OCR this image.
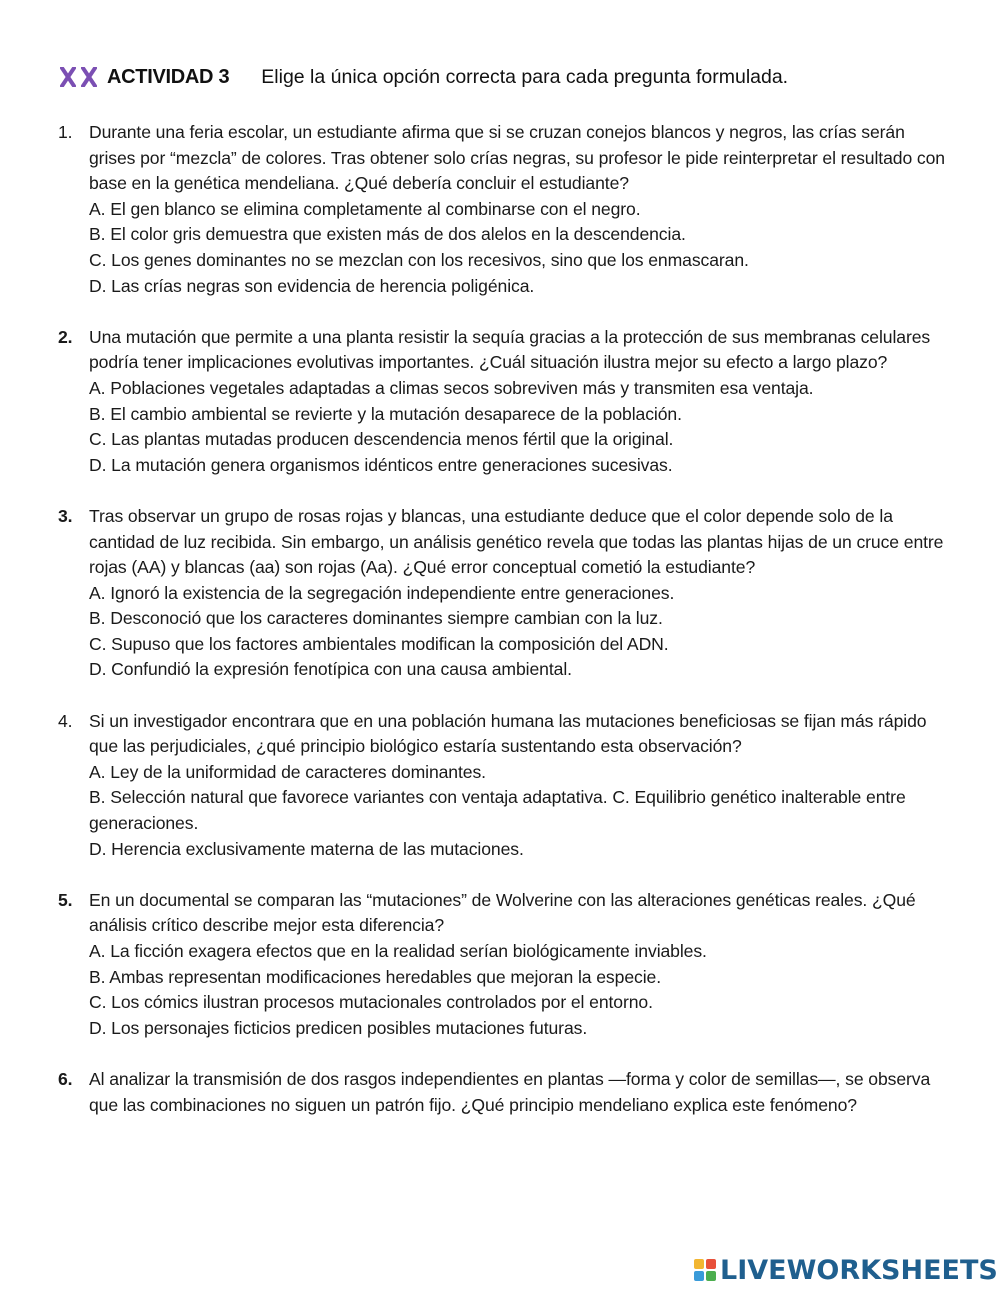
ACTIVIDAD 3 Elige la única opción correcta para cada pregunta formulada.
1. Durante una feria escolar, un estudiante afirma que si se cruzan conejos blancos y negros, las crías serán grises por “mezcla” de colores. Tras obtener solo crías negras, su profesor le pide reinterpretar el resultado con base en la genética mendeliana. ¿Qué debería concluir el estudiante?
A. El gen blanco se elimina completamente al combinarse con el negro.
B. El color gris demuestra que existen más de dos alelos en la descendencia.
C. Los genes dominantes no se mezclan con los recesivos, sino que los enmascaran.
D. Las crías negras son evidencia de herencia poligénica.
2. Una mutación que permite a una planta resistir la sequía gracias a la protección de sus membranas celulares podría tener implicaciones evolutivas importantes. ¿Cuál situación ilustra mejor su efecto a largo plazo?
A. Poblaciones vegetales adaptadas a climas secos sobreviven más y transmiten esa ventaja.
B. El cambio ambiental se revierte y la mutación desaparece de la población.
C. Las plantas mutadas producen descendencia menos fértil que la original.
D. La mutación genera organismos idénticos entre generaciones sucesivas.
3. Tras observar un grupo de rosas rojas y blancas, una estudiante deduce que el color depende solo de la cantidad de luz recibida. Sin embargo, un análisis genético revela que todas las plantas hijas de un cruce entre rojas (AA) y blancas (aa) son rojas (Aa). ¿Qué error conceptual cometió la estudiante?
A. Ignoró la existencia de la segregación independiente entre generaciones.
B. Desconoció que los caracteres dominantes siempre cambian con la luz.
C. Supuso que los factores ambientales modifican la composición del ADN.
D. Confundió la expresión fenotípica con una causa ambiental.
4. Si un investigador encontrara que en una población humana las mutaciones beneficiosas se fijan más rápido que las perjudiciales, ¿qué principio biológico estaría sustentando esta observación?
A. Ley de la uniformidad de caracteres dominantes.
B. Selección natural que favorece variantes con ventaja adaptativa. C. Equilibrio genético inalterable entre generaciones.
D. Herencia exclusivamente materna de las mutaciones.
5. En un documental se comparan las “mutaciones” de Wolverine con las alteraciones genéticas reales. ¿Qué análisis crítico describe mejor esta diferencia?
A. La ficción exagera efectos que en la realidad serían biológicamente inviables.
B. Ambas representan modificaciones heredables que mejoran la especie.
C. Los cómics ilustran procesos mutacionales controlados por el entorno.
D. Los personajes ficticios predicen posibles mutaciones futuras.
6. Al analizar la transmisión de dos rasgos independientes en plantas —forma y color de semillas—, se observa que las combinaciones no siguen un patrón fijo. ¿Qué principio mendeliano explica este fenómeno?
LIVEWORKSHEETS
